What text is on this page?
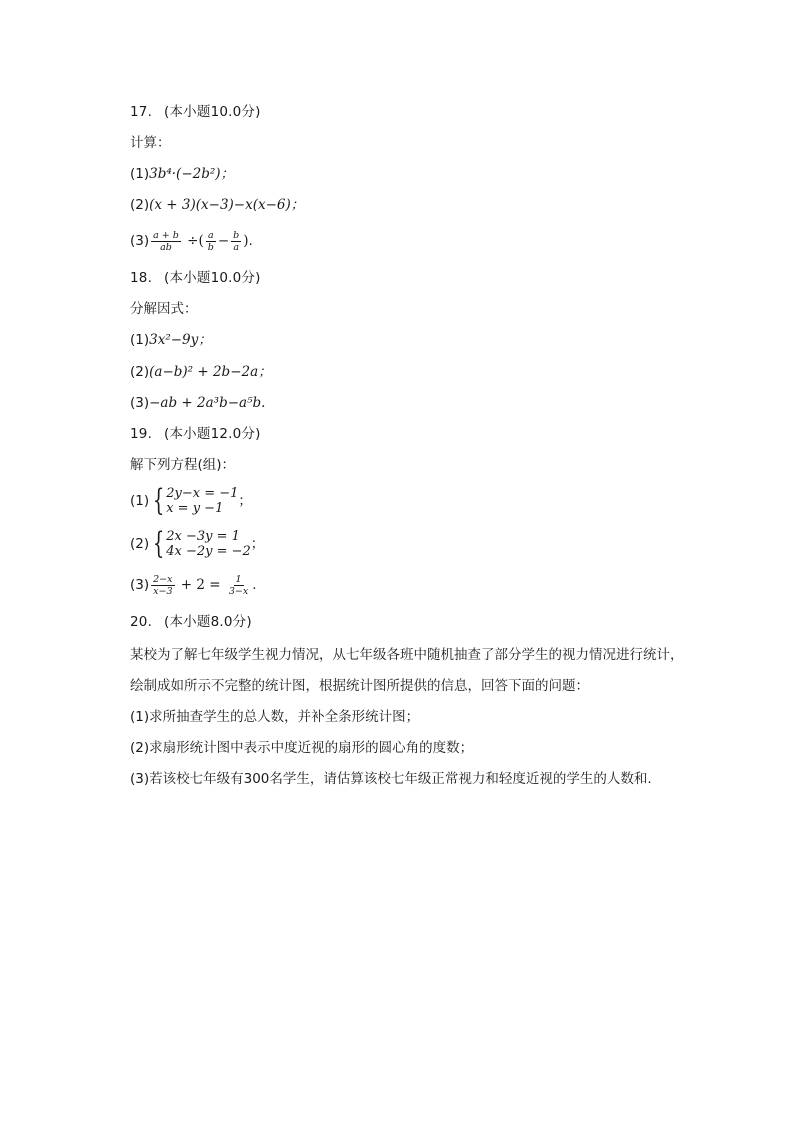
17. (本小题10.0分)
计算：
(1)3b⁴·(−2b²)；
(2)(x + 3)(x−3)−x(x−6)；
$(3) \frac{a + b}{ab}$ ÷( $\frac{a}{b} - \frac{b}{a}$ ).
18. (本小题10.0分)
分解因式：
(1)3x²−9y；
(2)(a−b)² + 2b−2a；
(3)−ab + 2a³b−a⁵b.
19. (本小题12.0分)
解下列方程(组)：
(1) { 2y−x = −1
x = y −1	；
(2) { 2x −3y = 1
4x −2y = −2 ；
$(3) \frac{2-x}{x-3} + 2 = \frac{1}{3-x}$ .
20. (本小题8.0分)
某校为了解七年级学生视力情况，从七年级各班中随机抽查了部分学生的视力情况进行统计，
绘制成如所示不完整的统计图，根据统计图所提供的信息，回答下面的问题：
(1)求所抽查学生的总人数，并补全条形统计图；
(2)求扇形统计图中表示中度近视的扇形的圆心角的度数；
(3)若该校七年级有300名学生，请估算该校七年级正常视力和轻度近视的学生的人数和.
